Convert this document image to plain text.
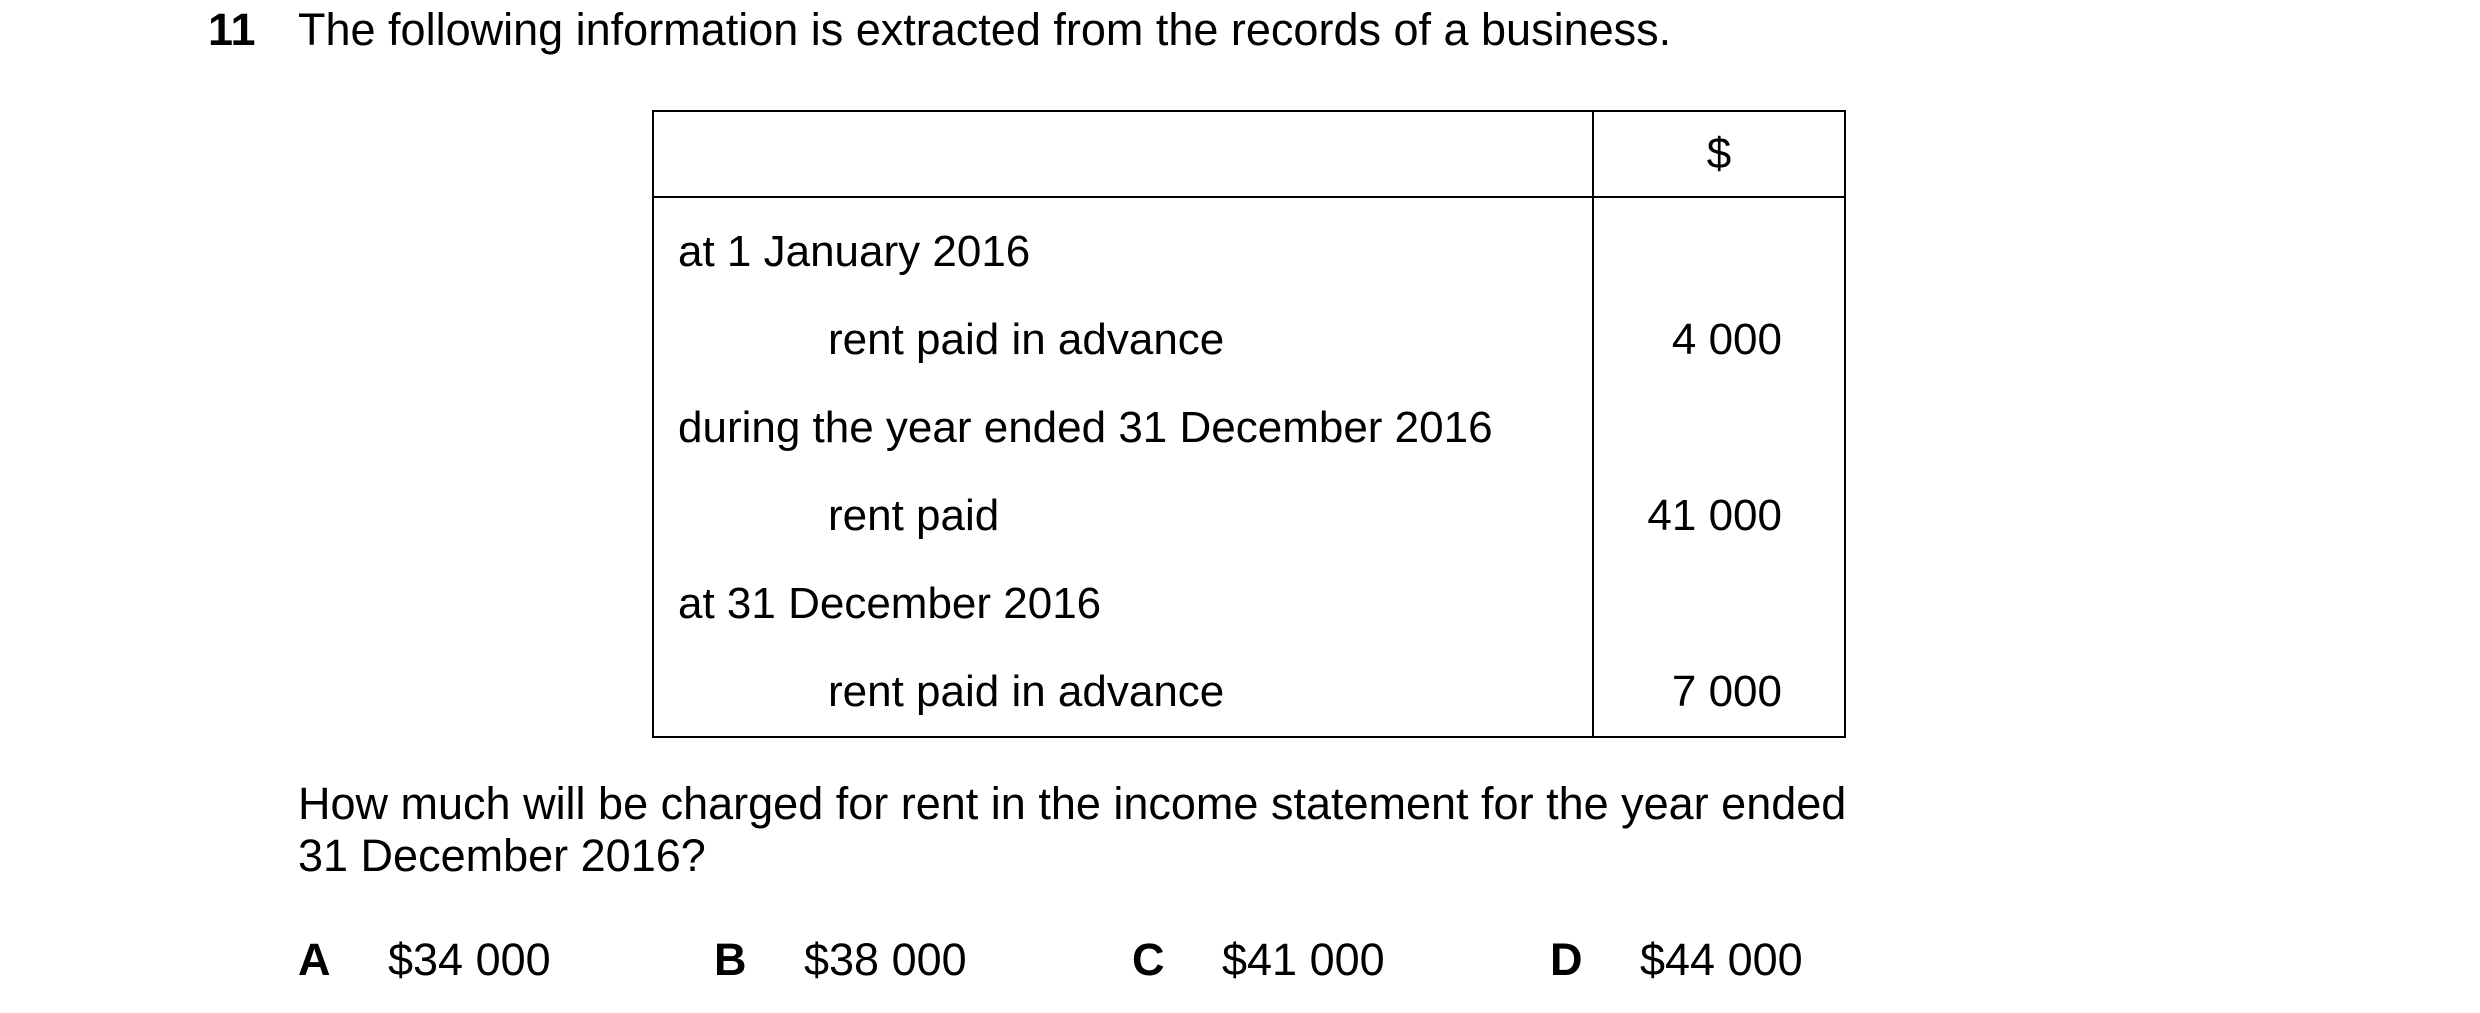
11 The following information is extracted from the records of a business.
	$
at 1 January 2016	
rent paid in advance	4 000
during the year ended 31 December 2016	
rent paid	41 000
at 31 December 2016	
rent paid in advance	7 000
How much will be charged for rent in the income statement for the year ended
31 December 2016?
A $34 000	B $38 000	C $41 000	D $44 000
